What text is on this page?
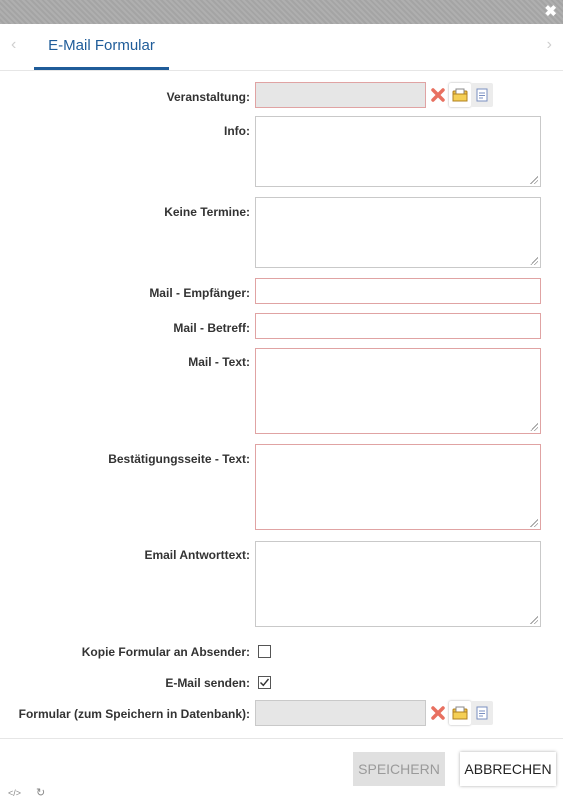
✖
‹	E-Mail Formular	›
Veranstaltung:
Info:
Keine Termine:
Mail - Empfänger:
Mail - Betreff:
Mail - Text:
Bestätigungsseite - Text:
Email Antworttext:
Kopie Formular an Absender:
E-Mail senden:
Formular (zum Speichern in Datenbank):
SPEICHERN	ABBRECHEN
</> ↻
